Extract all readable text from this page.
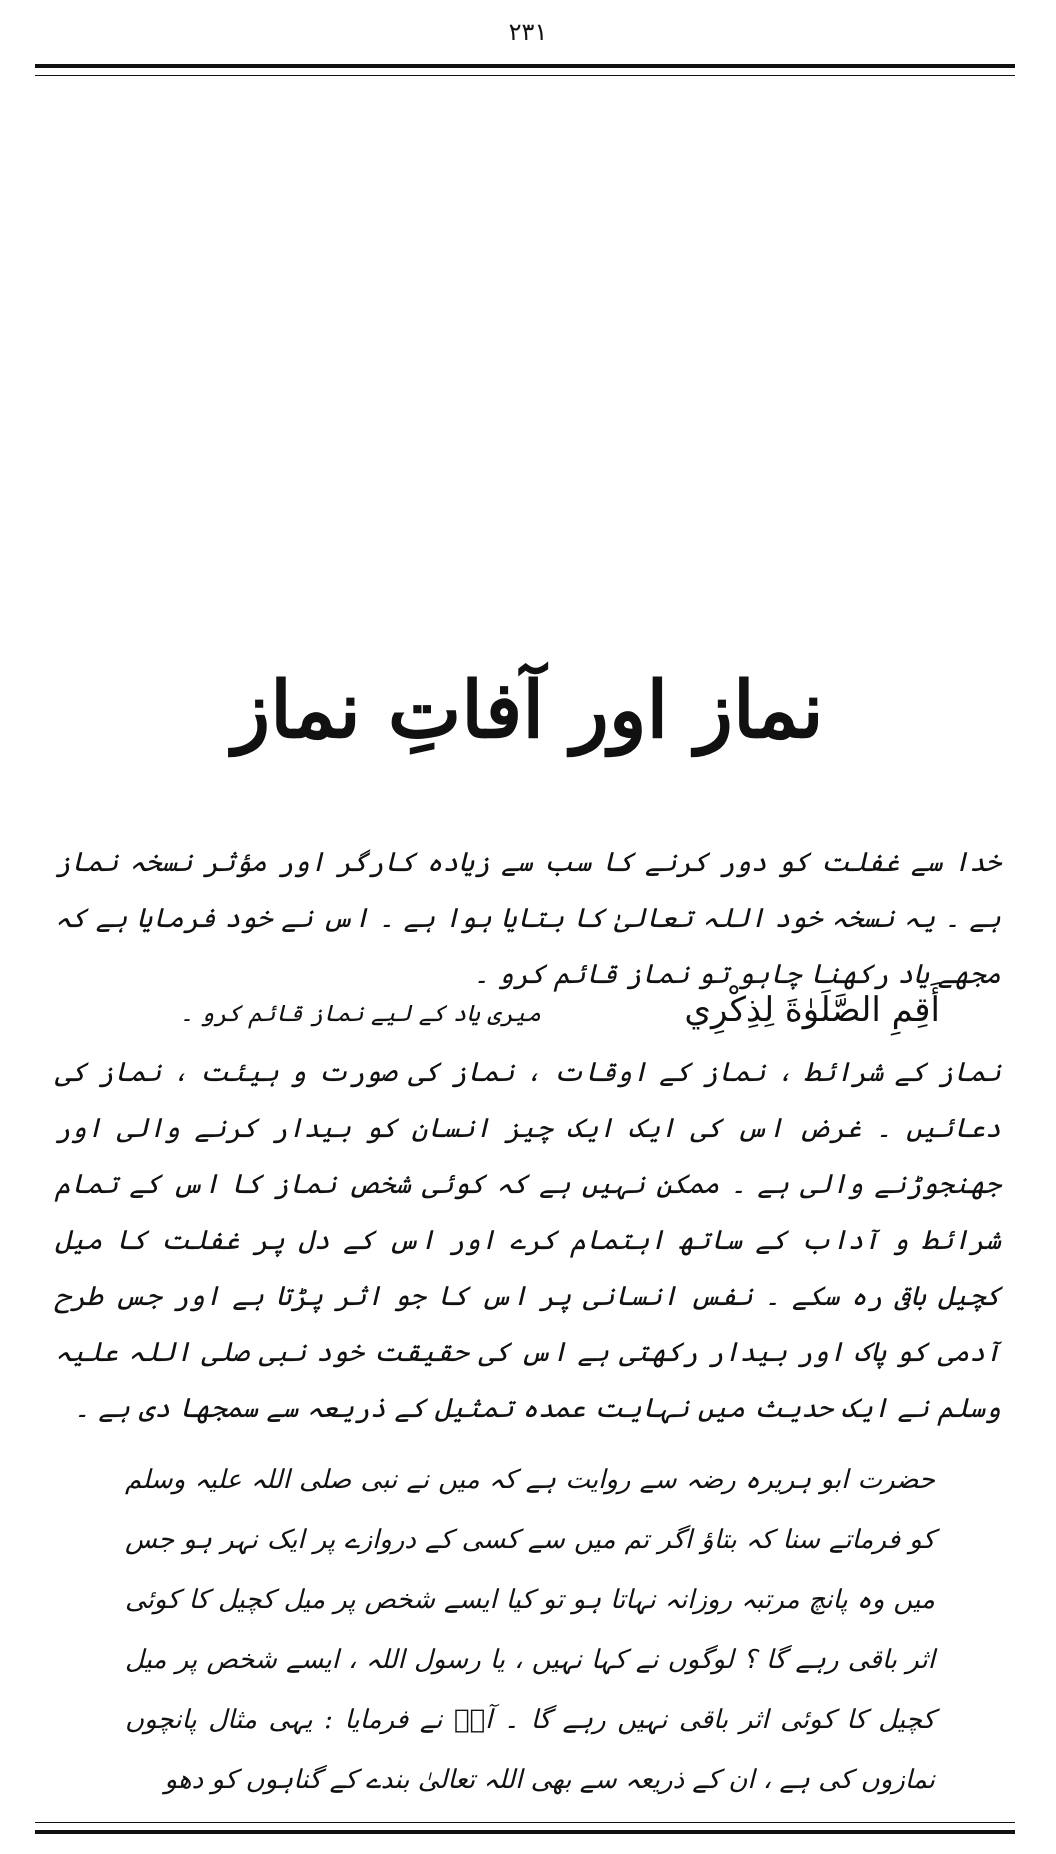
۲۳۱
نماز اور آفاتِ نماز

خدا سے غفلت کو دور کرنے کا سب سے زیادہ کارگر اور مؤثر نسخہ نماز ہے ۔ یہ نسخہ خود اللہ تعالیٰ کا بتایا ہوا ہے ۔ اس نے خود فرمایا ہے کہ مجھے یاد رکھنا چاہو تو نماز قائم کرو ۔

أَقِمِ الصَّلَوٰةَ لِذِكْرِي
میری یاد کے لیے نماز قائم کرو ۔
نماز کے شرائط ، نماز کے اوقات ، نماز کی صورت و ہیئت ، نماز کی دعائیں ۔ غرض اس کی ایک ایک چیز انسان کو بیدار کرنے والی اور جھنجوڑنے والی ہے ۔ ممکن نہیں ہے کہ کوئی شخص نماز کا اس کے تمام شرائط و آداب کے ساتھ اہتمام کرے اور اس کے دل پر غفلت کا میل کچیل باقی رہ سکے ۔ نفس انسانی پر اس کا جو اثر پڑتا ہے اور جس طرح آدمی کو پاک اور بیدار رکھتی ہے اس کی حقیقت خود نبی صلی اللہ علیہ وسلم نے ایک حدیث میں نہایت عمدہ تمثیل کے ذریعہ سے سمجھا دی ہے ۔
حضرت ابو ہریرہ رضہ سے روایت ہے کہ میں نے نبی صلی اللہ علیہ وسلم کو فرماتے سنا کہ بتاؤ اگر تم میں سے کسی کے دروازے پر ایک نہر ہو جس میں وہ پانچ مرتبہ روزانہ نہاتا ہو تو کیا ایسے شخص پر میل کچیل کا کوئی اثر باقی رہے گا ؟ لوگوں نے کہا نہیں ، یا رسول اللہ ، ایسے شخص پر میل کچیل کا کوئی اثر باقی نہیں رہے گا ۔ آپؐ نے فرمایا : یہی مثال پانچوں نمازوں کی ہے ، ان کے ذریعہ سے بھی اللہ تعالیٰ بندے کے گناہوں کو دھو
